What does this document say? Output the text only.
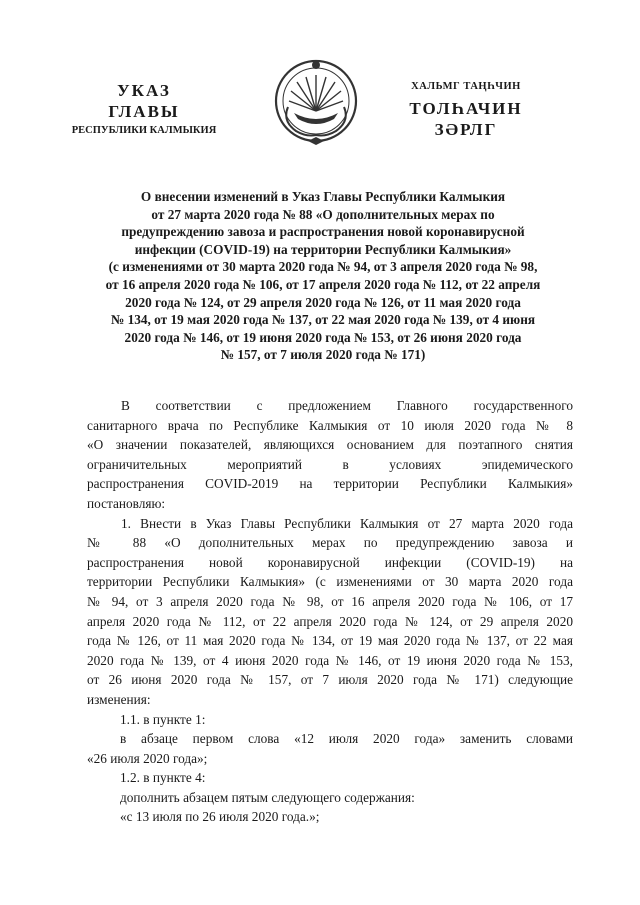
УКАЗ
ГЛАВЫ
РЕСПУБЛИКИ КАЛМЫКИЯ
ХАЛЬМГ ТАҢҺЧИН
ТОЛҺАЧИН
ЗӘРЛГ
О внесении изменений в Указ Главы Республики Калмыкия
от 27 марта 2020 года № 88 «О дополнительных мерах по
предупреждению завоза и распространения новой коронавирусной
инфекции (COVID-19) на территории Республики Калмыкия»
(с изменениями от 30 марта 2020 года № 94, от 3 апреля 2020 года № 98,
от 16 апреля 2020 года № 106, от 17 апреля 2020 года № 112, от 22 апреля
2020 года № 124, от 29 апреля 2020 года № 126, от 11 мая 2020 года
№ 134, от 19 мая 2020 года № 137, от 22 мая 2020 года № 139, от 4 июня
2020 года № 146, от 19 июня 2020 года № 153, от 26 июня 2020 года
№ 157, от 7 июля 2020 года № 171)
В соответствии с предложением Главного государственного
санитарного врача по Республике Калмыкия от 10 июля 2020 года № 8
«О значении показателей, являющихся основанием для поэтапного снятия
ограничительных мероприятий в условиях эпидемического
распространения COVID-2019 на территории Республики Калмыкия»
постановляю:
1. Внести в Указ Главы Республики Калмыкия от 27 марта 2020 года
№ 88 «О дополнительных мерах по предупреждению завоза и
распространения новой коронавирусной инфекции (COVID-19) на
территории Республики Калмыкия» (с изменениями от 30 марта 2020 года
№ 94, от 3 апреля 2020 года № 98, от 16 апреля 2020 года № 106, от 17
апреля 2020 года № 112, от 22 апреля 2020 года № 124, от 29 апреля 2020
года № 126, от 11 мая 2020 года № 134, от 19 мая 2020 года № 137, от 22 мая
2020 года № 139, от 4 июня 2020 года № 146, от 19 июня 2020 года № 153,
от 26 июня 2020 года № 157, от 7 июля 2020 года № 171) следующие
изменения:
1.1. в пункте 1:
в абзаце первом слова «12 июля 2020 года» заменить словами
«26 июля 2020 года»;
1.2. в пункте 4:
дополнить абзацем пятым следующего содержания:
«с 13 июля по 26 июля 2020 года.»;
